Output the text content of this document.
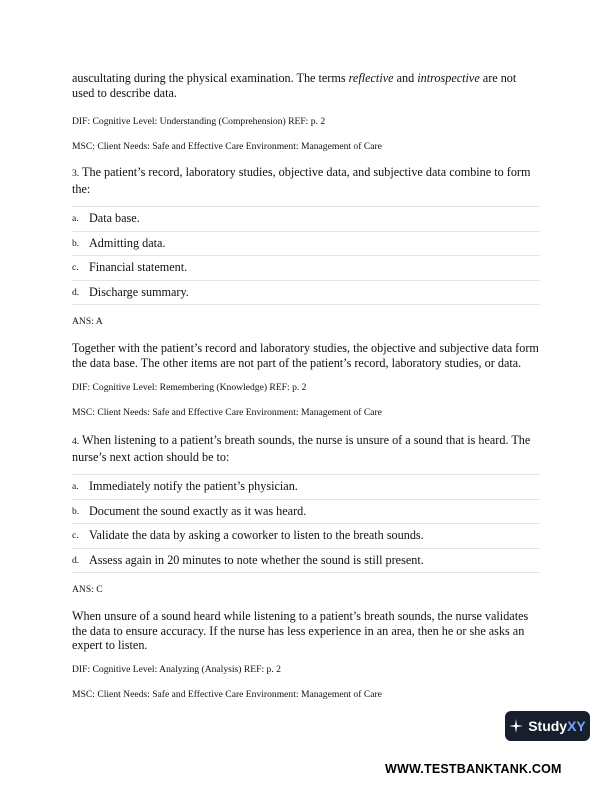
auscultating during the physical examination. The terms reflective and introspective are not used to describe data.
DIF: Cognitive Level: Understanding (Comprehension) REF: p. 2
MSC: Client Needs: Safe and Effective Care Environment: Management of Care
3. The patient’s record, laboratory studies, objective data, and subjective data combine to form the:
a. Data base.
b. Admitting data.
c. Financial statement.
d. Discharge summary.
ANS: A
Together with the patient’s record and laboratory studies, the objective and subjective data form the data base. The other items are not part of the patient’s record, laboratory studies, or data.
DIF: Cognitive Level: Remembering (Knowledge) REF: p. 2
MSC: Client Needs: Safe and Effective Care Environment: Management of Care
4. When listening to a patient’s breath sounds, the nurse is unsure of a sound that is heard. The nurse’s next action should be to:
a. Immediately notify the patient’s physician.
b. Document the sound exactly as it was heard.
c. Validate the data by asking a coworker to listen to the breath sounds.
d. Assess again in 20 minutes to note whether the sound is still present.
ANS: C
When unsure of a sound heard while listening to a patient’s breath sounds, the nurse validates the data to ensure accuracy. If the nurse has less experience in an area, then he or she asks an expert to listen.
DIF: Cognitive Level: Analyzing (Analysis) REF: p. 2
MSC: Client Needs: Safe and Effective Care Environment: Management of Care
Study XY
WWW.TESTBANKTANK.COM
